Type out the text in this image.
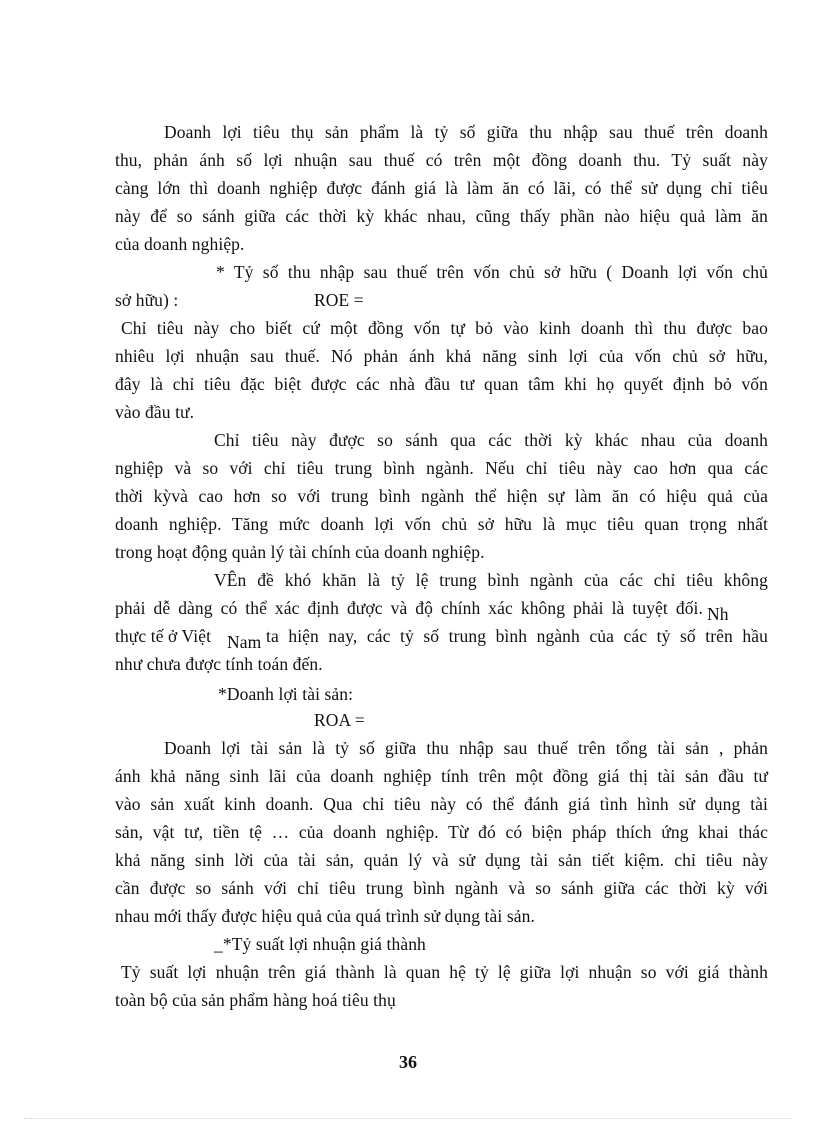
Doanh lợi tiêu thụ sản phẩm là tỷ số giữa thu nhập sau thuế trên doanh
thu, phản ánh số lợi nhuận sau thuế có trên một đồng doanh thu. Tỷ suất này
càng lớn thì doanh nghiệp được đánh giá là làm ăn có lãi, có thể sử dụng chỉ tiêu
này để so sánh giữa các thời kỳ khác nhau, cũng thấy phần nào hiệu quả làm ăn
của doanh nghiệp.
* Tỷ số thu nhập sau thuế trên vốn chủ sở hữu ( Doanh lợi vốn chủ
sở hữu) :	ROE =
Chỉ tiêu này cho biết cứ một đồng vốn tự bỏ vào kinh doanh thì thu được bao
nhiêu lợi nhuận sau thuế. Nó phản ánh khả năng sinh lợi của vốn chủ sở hữu,
đây là chỉ tiêu đặc biệt được các nhà đầu tư quan tâm khi họ quyết định bỏ vốn
vào đầu tư.
Chỉ tiêu này được so sánh qua các thời kỳ khác nhau của doanh
nghiệp và so với chỉ tiêu trung bình ngành. Nếu chỉ tiêu này cao hơn qua các
thời kỳvà cao hơn so với trung bình ngành thể hiện sự làm ăn có hiệu quả của
doanh nghiệp. Tăng mức doanh lợi vốn chủ sở hữu là mục tiêu quan trọng nhất
trong hoạt động quản lý tài chính của doanh nghiệp.
VÊn đề khó khăn là tỷ lệ trung bình ngành của các chỉ tiêu không
phải dễ dàng có thể xác định được và độ chính xác không phải là tuyệt đối. Nh
thực tế ở Việt Nam ta hiện nay, các tỷ số trung bình ngành của các tỷ số trên hầu
như chưa được tính toán đến.
*Doanh lợi tài sản:
ROA =
Doanh lợi tài sản là tỷ số giữa thu nhập sau thuế trên tổng tài sản , phản
ánh khả năng sinh lãi của doanh nghiệp tính trên một đồng giá thị tài sản đầu tư
vào sản xuất kinh doanh. Qua chỉ tiêu này có thể đánh giá tình hình sử dụng tài
sản, vật tư, tiền tệ … của doanh nghiệp. Từ đó có biện pháp thích ứng khai thác
khả năng sinh lời của tài sản, quản lý và sử dụng tài sản tiết kiệm. chỉ tiêu này
cần được so sánh với chỉ tiêu trung bình ngành và so sánh giữa các thời kỳ với
nhau mới thấy được hiệu quả của quá trình sử dụng tài sản.
_*Tỷ suất lợi nhuận giá thành
Tỷ suất lợi nhuận trên giá thành là quan hệ tỷ lệ giữa lợi nhuận so với giá thành
toàn bộ của sản phẩm hàng hoá tiêu thụ
36
